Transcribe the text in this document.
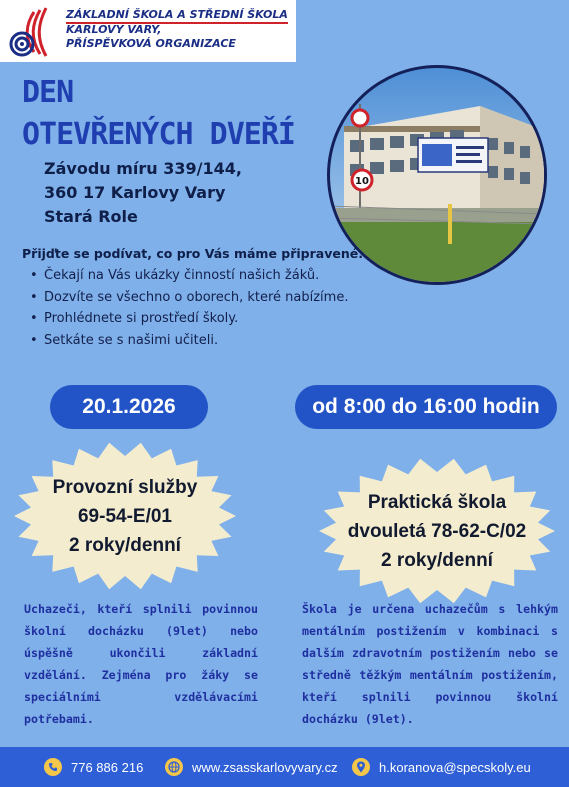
ZÁKLADNÍ ŠKOLA A STŘEDNÍ ŠKOLA
KARLOVY VARY,
PŘÍSPĚVKOVÁ ORGANIZACE
DEN
OTEVŘENÝCH DVEŘÍ
Závodu míru 339/144,
360 17 Karlovy Vary
Stará Role
10
Přijďte se podívat, co pro Vás máme připravené.
• Čekají na Vás ukázky činností našich žáků.
• Dozvíte se všechno o oborech, které nabízíme.
• Prohlédnete si prostředí školy.
• Setkáte se s našimi učiteli.
20.1.2026	od 8:00 do 16:00 hodin
Provozní služby
69-54-E/01
2 roky/denní
Praktická škola
dvouletá 78-62-C/02
2 roky/denní
Uchazeči, kteří splnili povinnou školní docházku (9let) nebo úspěšně ukončili základní vzdělání. Zejména pro žáky se speciálními vzdělávacími potřebami.
Škola je určena uchazečům s lehkým mentálním postižením v kombinaci s dalším zdravotním postižením nebo se středně těžkým mentálním postižením, kteří splnili povinnou školní docházku (9let).
776 886 216	www.zsasskarlovyvary.cz	h.koranova@specskoly.eu
